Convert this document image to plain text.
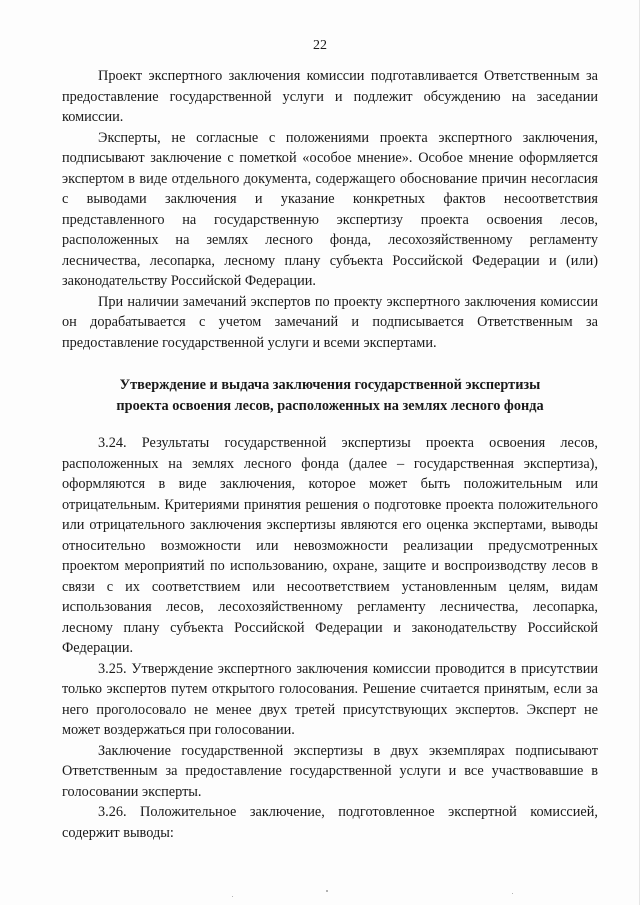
22

Проект экспертного заключения комиссии подготавливается Ответственным за предоставление государственной услуги и подлежит обсуждению на заседании комиссии.

Эксперты, не согласные с положениями проекта экспертного заключения, подписывают заключение с пометкой «особое мнение». Особое мнение оформляется экспертом в виде отдельного документа, содержащего обоснование причин несогласия с выводами заключения и указание конкретных фактов несоответствия представленного на государственную экспертизу проекта освоения лесов, расположенных на землях лесного фонда, лесохозяйственному регламенту лесничества, лесопарка, лесному плану субъекта Российской Федерации и (или) законодательству Российской Федерации.

При наличии замечаний экспертов по проекту экспертного заключения комиссии он дорабатывается с учетом замечаний и подписывается Ответственным за предоставление государственной услуги и всеми экспертами.

Утверждение и выдача заключения государственной экспертизы
проекта освоения лесов, расположенных на землях лесного фонда

3.24. Результаты государственной экспертизы проекта освоения лесов, расположенных на землях лесного фонда (далее – государственная экспертиза), оформляются в виде заключения, которое может быть положительным или отрицательным. Критериями принятия решения о подготовке проекта положительного или отрицательного заключения экспертизы являются его оценка экспертами, выводы относительно возможности или невозможности реализации предусмотренных проектом мероприятий по использованию, охране, защите и воспроизводству лесов в связи с их соответствием или несоответствием установленным целям, видам использования лесов, лесохозяйственному регламенту лесничества, лесопарка, лесному плану субъекта Российской Федерации и законодательству Российской Федерации.

3.25. Утверждение экспертного заключения комиссии проводится в присутствии только экспертов путем открытого голосования. Решение считается принятым, если за него проголосовало не менее двух третей присутствующих экспертов. Эксперт не может воздержаться при голосовании.

Заключение государственной экспертизы в двух экземплярах подписывают Ответственным за предоставление государственной услуги и все участвовавшие в голосовании эксперты.

3.26. Положительное заключение, подготовленное экспертной комиссией, содержит выводы:
